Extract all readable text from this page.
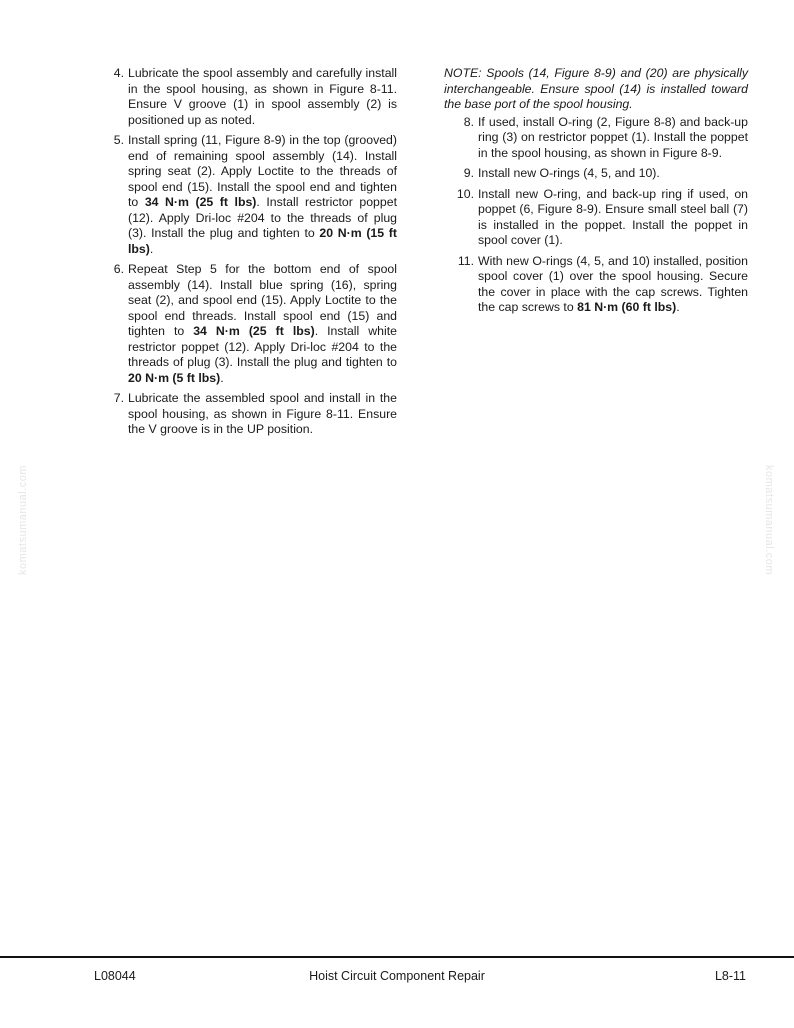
4. Lubricate the spool assembly and carefully install in the spool housing, as shown in Figure 8-11. Ensure V groove (1) in spool assembly (2) is positioned up as noted.

5. Install spring (11, Figure 8-9) in the top (grooved) end of remaining spool assembly (14). Install spring seat (2). Apply Loctite to the threads of spool end (15). Install the spool end and tighten to 34 N·m (25 ft lbs). Install restrictor poppet (12). Apply Dri-loc #204 to the threads of plug (3). Install the plug and tighten to 20 N·m (15 ft lbs).

6. Repeat Step 5 for the bottom end of spool assembly (14). Install blue spring (16), spring seat (2), and spool end (15). Apply Loctite to the spool end threads. Install spool end (15) and tighten to 34 N·m (25 ft lbs). Install white restrictor poppet (12). Apply Dri-loc #204 to the threads of plug (3). Install the plug and tighten to 20 N·m (5 ft lbs).

7. Lubricate the assembled spool and install in the spool housing, as shown in Figure 8-11. Ensure the V groove is in the UP position.

NOTE: Spools (14, Figure 8-9) and (20) are physically interchangeable. Ensure spool (14) is installed toward the base port of the spool housing.

8. If used, install O-ring (2, Figure 8-8) and back-up ring (3) on restrictor poppet (1). Install the poppet in the spool housing, as shown in Figure 8-9.

9. Install new O-rings (4, 5, and 10).

10. Install new O-ring, and back-up ring if used, on poppet (6, Figure 8-9). Ensure small steel ball (7) is installed in the poppet. Install the poppet in spool cover (1).

11. With new O-rings (4, 5, and 10) installed, position spool cover (1) over the spool housing. Secure the cover in place with the cap screws. Tighten the cap screws to 81 N·m (60 ft lbs).

komatsumanual.com	komatsumanual.com
L08044	Hoist Circuit Component Repair	L8-11
